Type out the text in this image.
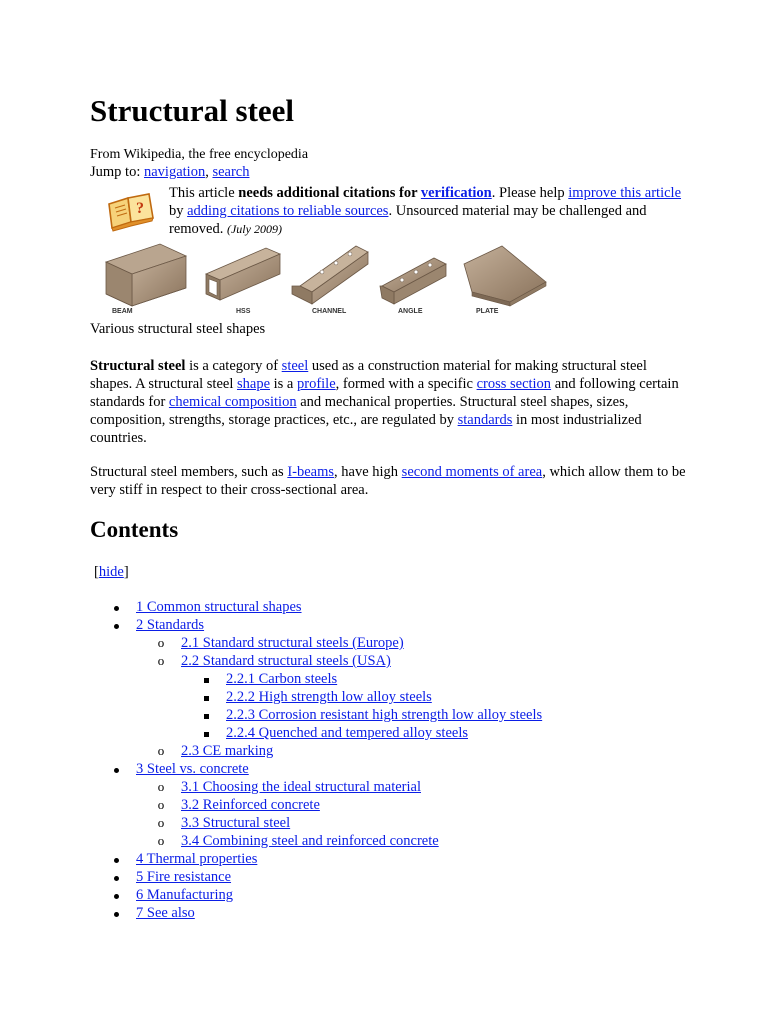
Structural steel
From Wikipedia, the free encyclopedia
Jump to: navigation, search
?
This article needs additional citations for verification. Please help improve this article by adding citations to reliable sources. Unsourced material may be challenged and removed. (July 2009)
BEAM	HSS	CHANNEL	ANGLE	PLATE
Various structural steel shapes
Structural steel is a category of steel used as a construction material for making structural steel shapes. A structural steel shape is a profile, formed with a specific cross section and following certain standards for chemical composition and mechanical properties. Structural steel shapes, sizes, composition, strengths, storage practices, etc., are regulated by standards in most industrialized countries.
Structural steel members, such as I-beams, have high second moments of area, which allow them to be very stiff in respect to their cross-sectional area.
Contents
[hide]
1 Common structural shapes
2 Standards
o	2.1 Standard structural steels (Europe)
o	2.2 Standard structural steels (USA)
2.2.1 Carbon steels
2.2.2 High strength low alloy steels
2.2.3 Corrosion resistant high strength low alloy steels
2.2.4 Quenched and tempered alloy steels
o	2.3 CE marking
3 Steel vs. concrete
o	3.1 Choosing the ideal structural material
o	3.2 Reinforced concrete
o	3.3 Structural steel
o	3.4 Combining steel and reinforced concrete
4 Thermal properties
5 Fire resistance
6 Manufacturing
7 See also
